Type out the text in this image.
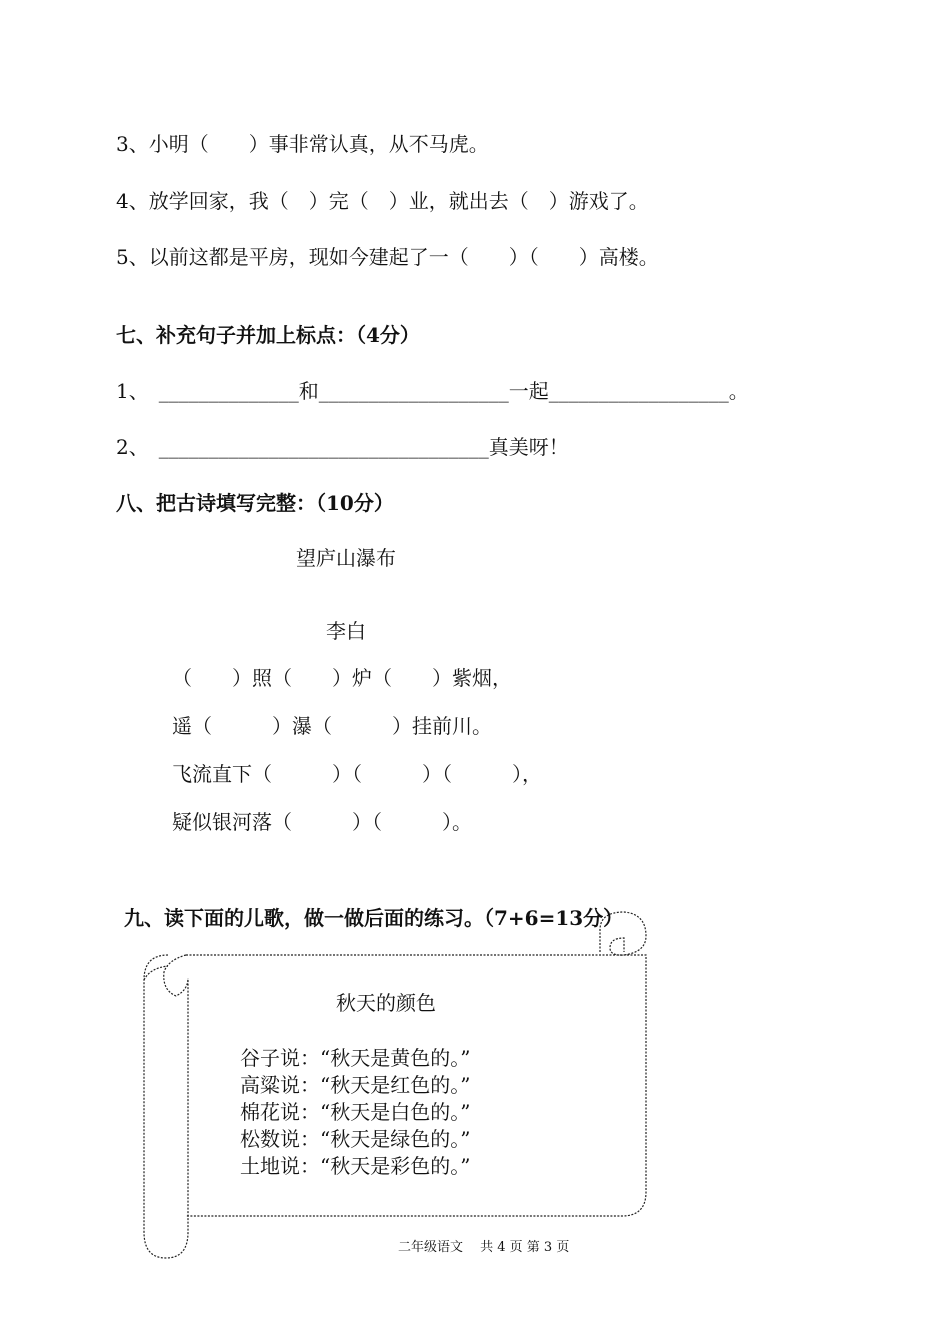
3、小明（　　）事非常认真，从不马虎。
4、放学回家，我（　）完（　）业，就出去（　）游戏了。
5、以前这都是平房，现如今建起了一（　　）（　　）高楼。
七、补充句子并加上标点：（4分）
1、　______________和___________________一起__________________。
2、　_________________________________真美呀！
八、把古诗填写完整：（10分）
望庐山瀑布
李白
（　　）照（　　）炉（　　）紫烟，
遥（　　　）瀑（　　　）挂前川。
飞流直下（　　　）（　　　）（　　　），
疑似银河落（　　　）（　　　）。
九、读下面的儿歌，做一做后面的练习。（7+6=13分）
秋天的颜色
谷子说：“秋天是黄色的。”
高粱说：“秋天是红色的。”
棉花说：“秋天是白色的。”
松数说：“秋天是绿色的。”
土地说：“秋天是彩色的。”
二年级语文　 共 4 页 第 3 页
